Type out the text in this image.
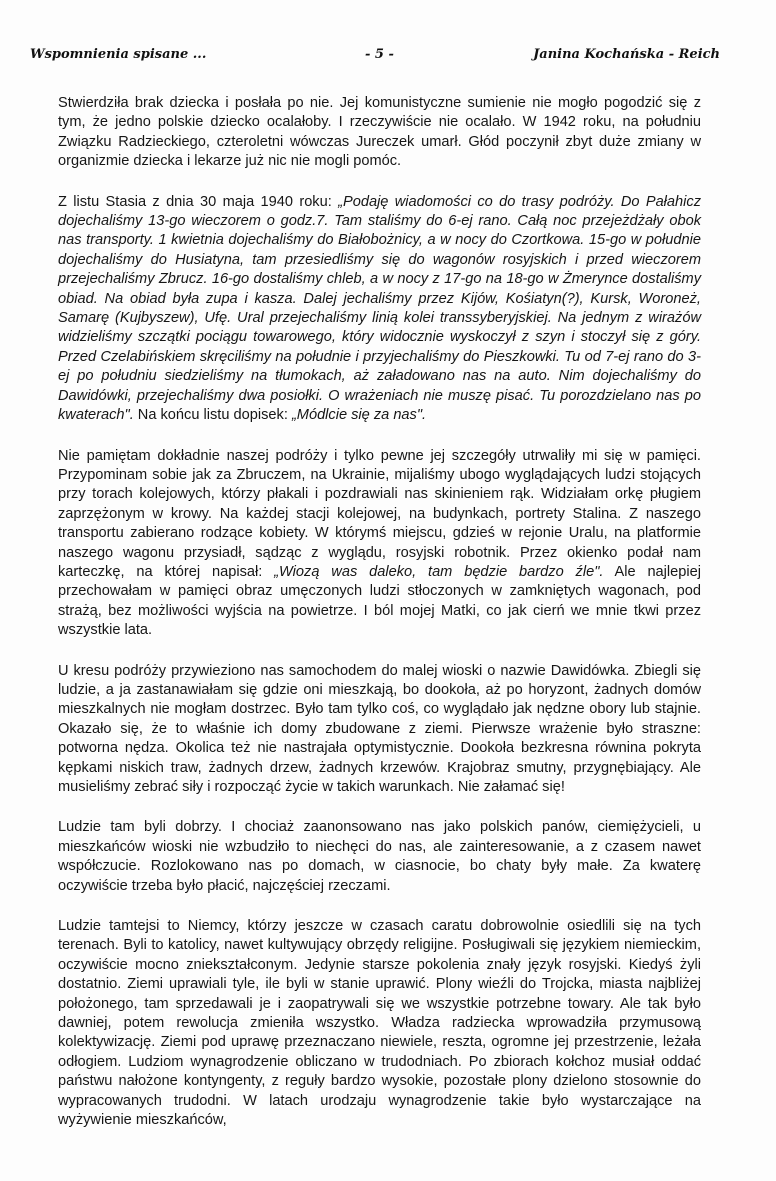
Wspomnienia spisane ...	- 5 -	Janina Kochańska - Reich

Stwierdziła brak dziecka i posłała po nie. Jej komunistyczne sumienie nie mogło pogodzić się z tym, że jedno polskie dziecko ocalałoby. I rzeczywiście nie ocalało. W 1942 roku, na południu Związku Radzieckiego, czteroletni wówczas Jureczek umarł. Głód poczynił zbyt duże zmiany w organizmie dziecka i lekarze już nic nie mogli pomóc.

Z listu Stasia z dnia 30 maja 1940 roku: „Podaję wiadomości co do trasy podróży. Do Pałahicz dojechaliśmy 13-go wieczorem o godz.7. Tam staliśmy do 6-ej rano. Całą noc przejeżdżały obok nas transporty. 1 kwietnia dojechaliśmy do Białobożnicy, a w nocy do Czortkowa. 15-go w południe dojechaliśmy do Husiatyna, tam przesiedliśmy się do wagonów rosyjskich i przed wieczorem przejechaliśmy Zbrucz. 16-go dostaliśmy chleb, a w nocy z 17-go na 18-go w Żmerynce dostaliśmy obiad. Na obiad była zupa i kasza. Dalej jechaliśmy przez Kijów, Kośiatyn(?), Kursk, Woroneż, Samarę (Kujbyszew), Ufę. Ural przejechaliśmy linią kolei transsyberyjskiej. Na jednym z wirażów widzieliśmy szczątki pociągu towarowego, który widocznie wyskoczył z szyn i stoczył się z góry. Przed Czelabińskiem skręciliśmy na południe i przyjechaliśmy do Pieszkowki. Tu od 7-ej rano do 3-ej po południu siedzieliśmy na tłumokach, aż załadowano nas na auto. Nim dojechaliśmy do Dawidówki, przejechaliśmy dwa posiołki. O wrażeniach nie muszę pisać. Tu porozdzielano nas po kwaterach". Na końcu listu dopisek: „Módlcie się za nas".

Nie pamiętam dokładnie naszej podróży i tylko pewne jej szczegóły utrwaliły mi się w pamięci. Przypominam sobie jak za Zbruczem, na Ukrainie, mijaliśmy ubogo wyglądających ludzi stojących przy torach kolejowych, którzy płakali i pozdrawiali nas skinieniem rąk. Widziałam orkę pługiem zaprzężonym w krowy. Na każdej stacji kolejowej, na budynkach, portrety Stalina. Z naszego transportu zabierano rodzące kobiety. W którymś miejscu, gdzieś w rejonie Uralu, na platformie naszego wagonu przysiadł, sądząc z wyglądu, rosyjski robotnik. Przez okienko podał nam karteczkę, na której napisał: „Wiozą was daleko, tam będzie bardzo źle". Ale najlepiej przechowałam w pamięci obraz umęczonych ludzi stłoczonych w zamkniętych wagonach, pod strażą, bez możliwości wyjścia na powietrze. I ból mojej Matki, co jak cierń we mnie tkwi przez wszystkie lata.

U kresu podróży przywieziono nas samochodem do malej wioski o nazwie Dawidówka. Zbiegli się ludzie, a ja zastanawiałam się gdzie oni mieszkają, bo dookoła, aż po horyzont, żadnych domów mieszkalnych nie mogłam dostrzec. Było tam tylko coś, co wyglądało jak nędzne obory lub stajnie. Okazało się, że to właśnie ich domy zbudowane z ziemi. Pierwsze wrażenie było straszne: potworna nędza. Okolica też nie nastrajała optymistycznie. Dookoła bezkresna równina pokryta kępkami niskich traw, żadnych drzew, żadnych krzewów. Krajobraz smutny, przygnębiający. Ale musieliśmy zebrać siły i rozpocząć życie w takich warunkach. Nie załamać się!

Ludzie tam byli dobrzy. I chociaż zaanonsowano nas jako polskich panów, ciemiężycieli, u mieszkańców wioski nie wzbudziło to niechęci do nas, ale zainteresowanie, a z czasem nawet współczucie. Rozlokowano nas po domach, w ciasnocie, bo chaty były małe. Za kwaterę oczywiście trzeba było płacić, najczęściej rzeczami.

Ludzie tamtejsi to Niemcy, którzy jeszcze w czasach caratu dobrowolnie osiedlili się na tych terenach. Byli to katolicy, nawet kultywujący obrzędy religijne. Posługiwali się językiem niemieckim, oczywiście mocno zniekształconym. Jedynie starsze pokolenia znały język rosyjski. Kiedyś żyli dostatnio. Ziemi uprawiali tyle, ile byli w stanie uprawić. Plony wieźli do Trojcka, miasta najbliżej położonego, tam sprzedawali je i zaopatrywali się we wszystkie potrzebne towary. Ale tak było dawniej, potem rewolucja zmieniła wszystko. Władza radziecka wprowadziła przymusową kolektywizację. Ziemi pod uprawę przeznaczano niewiele, reszta, ogromne jej przestrzenie, leżała odłogiem. Ludziom wynagrodzenie obliczano w trudodniach. Po zbiorach kołchoz musiał oddać państwu nałożone kontyngenty, z reguły bardzo wysokie, pozostałe plony dzielono stosownie do wypracowanych trudodni. W latach urodzaju wynagrodzenie takie było wystarczające na wyżywienie mieszkańców,
